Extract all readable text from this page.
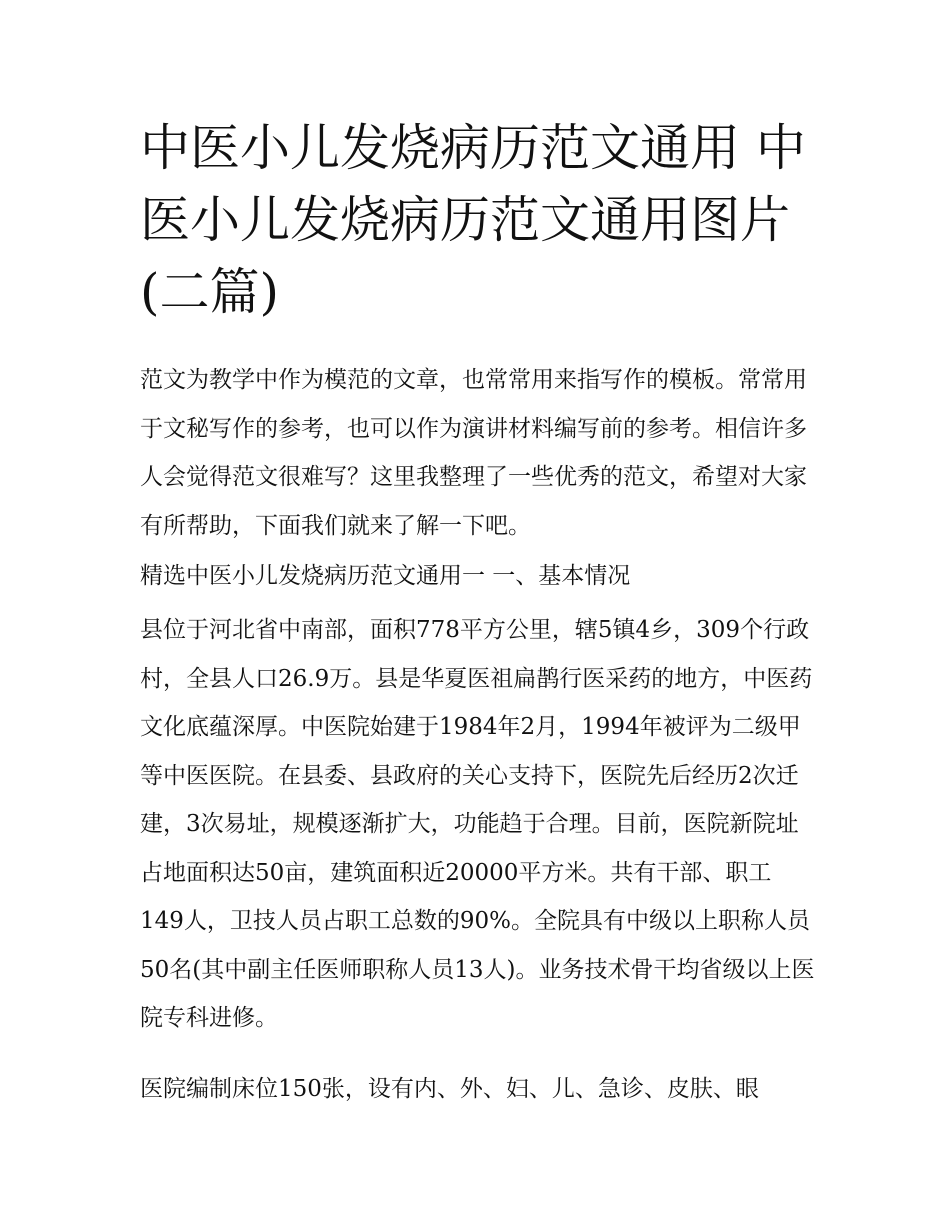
中医小儿发烧病历范文通用 中医小儿发烧病历范文通用图片(二篇)

范文为教学中作为模范的文章，也常常用来指写作的模板。常常用于文秘写作的参考，也可以作为演讲材料编写前的参考。相信许多人会觉得范文很难写？这里我整理了一些优秀的范文，希望对大家有所帮助，下面我们就来了解一下吧。

精选中医小儿发烧病历范文通用一 一、基本情况

县位于河北省中南部，面积778平方公里，辖5镇4乡，309个行政村，全县人口26.9万。县是华夏医祖扁鹊行医采药的地方，中医药文化底蕴深厚。中医院始建于1984年2月，1994年被评为二级甲等中医医院。在县委、县政府的关心支持下，医院先后经历2次迁建，3次易址，规模逐渐扩大，功能趋于合理。目前，医院新院址占地面积达50亩，建筑面积近20000平方米。共有干部、职工149人，卫技人员占职工总数的90%。全院具有中级以上职称人员50名(其中副主任医师职称人员13人)。业务技术骨干均省级以上医院专科进修。

医院编制床位150张，设有内、外、妇、儿、急诊、皮肤、眼
